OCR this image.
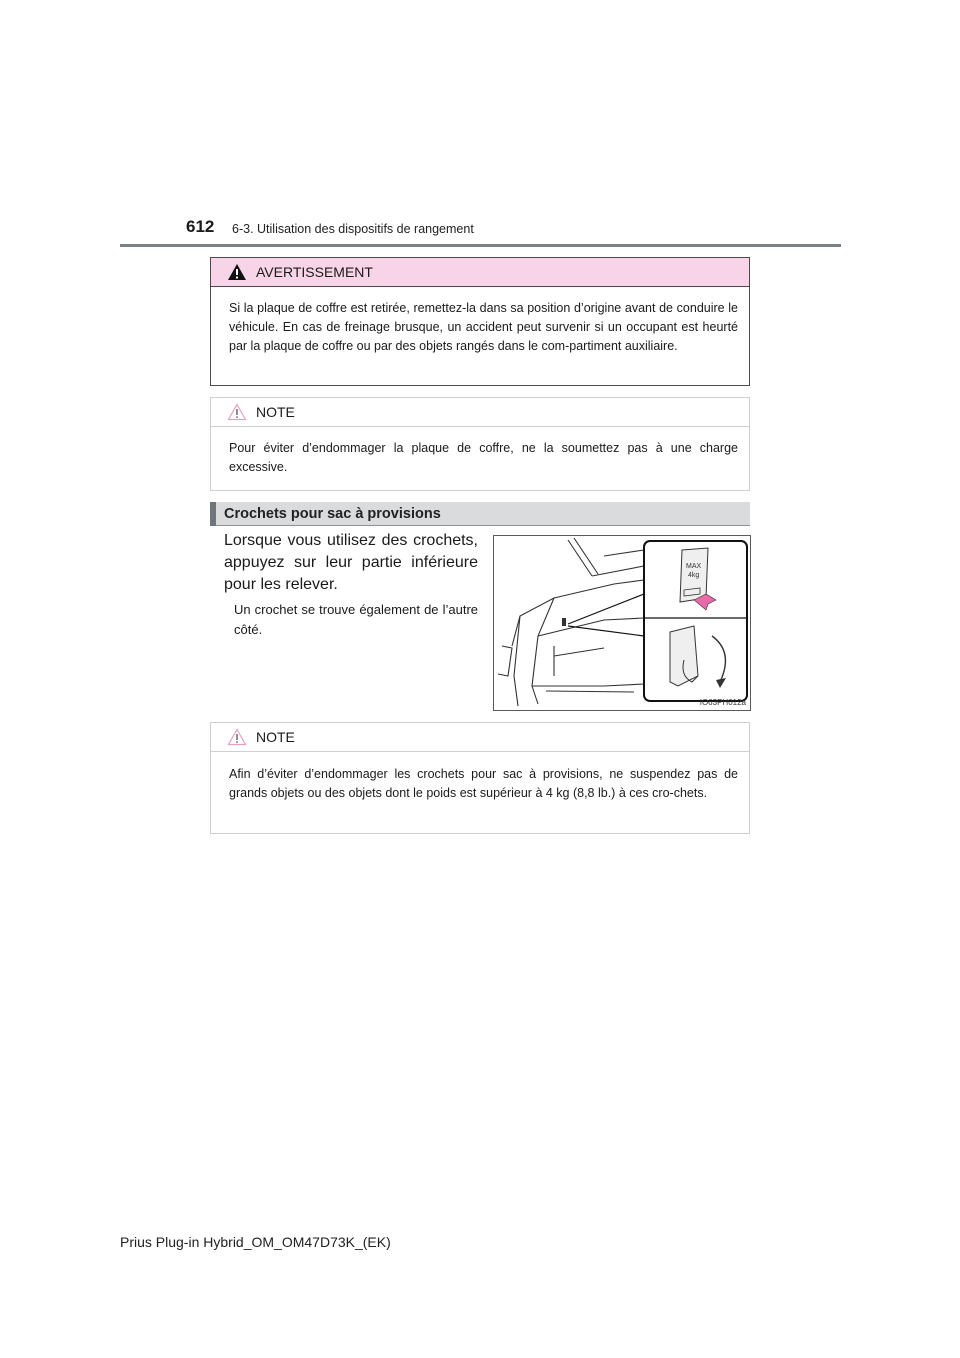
612 6-3. Utilisation des dispositifs de rangement
AVERTISSEMENT
Si la plaque de coffre est retirée, remettez-la dans sa position d’origine avant de conduire le véhicule. En cas de freinage brusque, un accident peut survenir si un occupant est heurté par la plaque de coffre ou par des objets rangés dans le com-partiment auxiliaire.
NOTE
Pour éviter d’endommager la plaque de coffre, ne la soumettez pas à une charge excessive.
Crochets pour sac à provisions
Lorsque vous utilisez des crochets, appuyez sur leur partie inférieure pour les relever.
Un crochet se trouve également de l’autre côté.
MAX
4kg
IO63PH012a
NOTE
Afin d’éviter d’endommager les crochets pour sac à provisions, ne suspendez pas de grands objets ou des objets dont le poids est supérieur à 4 kg (8,8 lb.) à ces cro-chets.
Prius Plug-in Hybrid_OM_OM47D73K_(EK)
